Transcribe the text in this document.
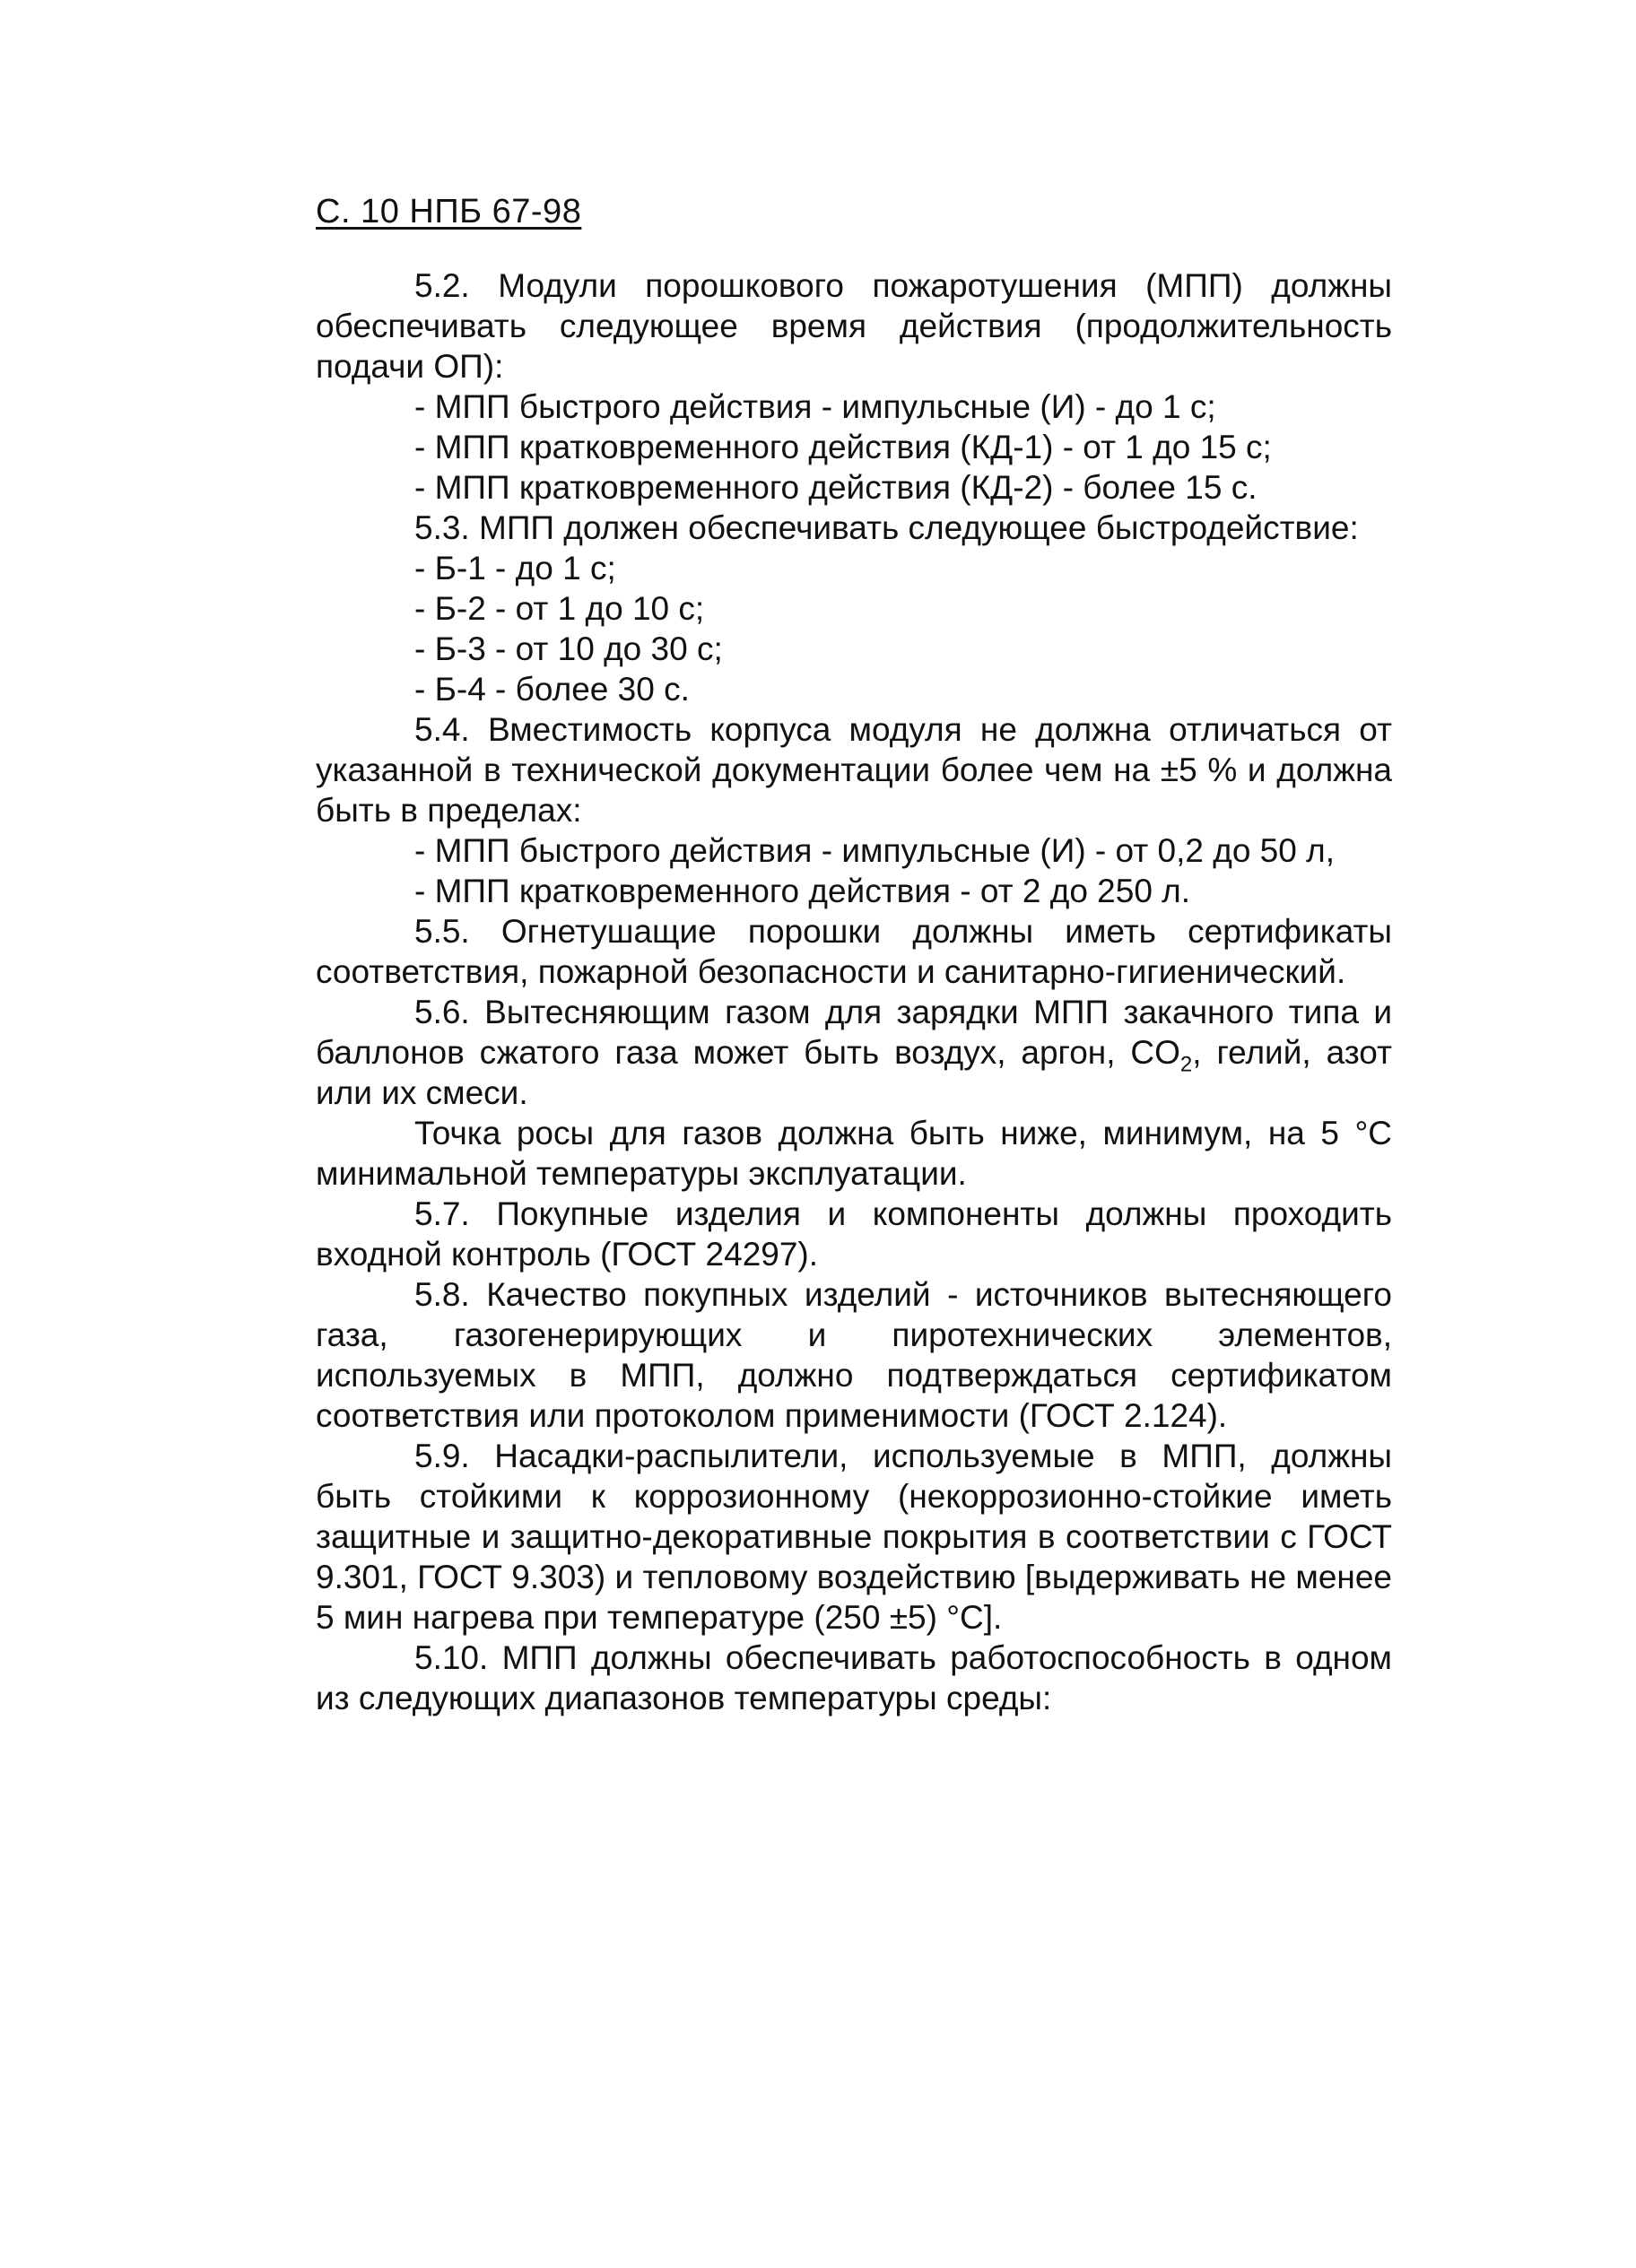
С. 10 НПБ 67-98

5.2. Модули порошкового пожаротушения (МПП) должны обеспечивать следующее время действия (продолжительность подачи ОП):

- МПП быстрого действия - импульсные (И) - до 1 с;

- МПП кратковременного действия (КД-1) - от 1 до 15 с;

- МПП кратковременного действия (КД-2) - более 15 с.

5.3. МПП должен обеспечивать следующее быстродействие:

- Б-1 - до 1 с;

- Б-2 - от 1 до 10 с;

- Б-3 - от 10 до 30 с;

- Б-4 - более 30 с.

5.4. Вместимость корпуса модуля не должна отличаться от указанной в технической документации более чем на ±5 % и должна быть в пределах:

- МПП быстрого действия - импульсные (И) - от 0,2 до 50 л,

- МПП кратковременного действия - от 2 до 250 л.

5.5. Огнетушащие порошки должны иметь сертификаты соответствия, пожарной безопасности и санитарно-гигиенический.

5.6. Вытесняющим газом для зарядки МПП закачного типа и баллонов сжатого газа может быть воздух, аргон, $CO_2$, гелий, азот или их смеси.

Точка росы для газов должна быть ниже, минимум, на 5 °С минимальной температуры эксплуатации.

5.7. Покупные изделия и компоненты должны проходить входной контроль (ГОСТ 24297).

5.8. Качество покупных изделий - источников вытесняющего газа, газогенерирующих и пиротехнических элементов, используемых в МПП, должно подтверждаться сертификатом соответствия или протоколом применимости (ГОСТ 2.124).

5.9. Насадки-распылители, используемые в МПП, должны быть стойкими к коррозионному (некоррозионно-стойкие иметь защитные и защитно-декоративные покрытия в соответствии с ГОСТ 9.301, ГОСТ 9.303) и тепловому воздействию [выдерживать не менее 5 мин нагрева при температуре (250 ±5) °С].

5.10. МПП должны обеспечивать работоспособность в одном из следующих диапазонов температуры среды:
